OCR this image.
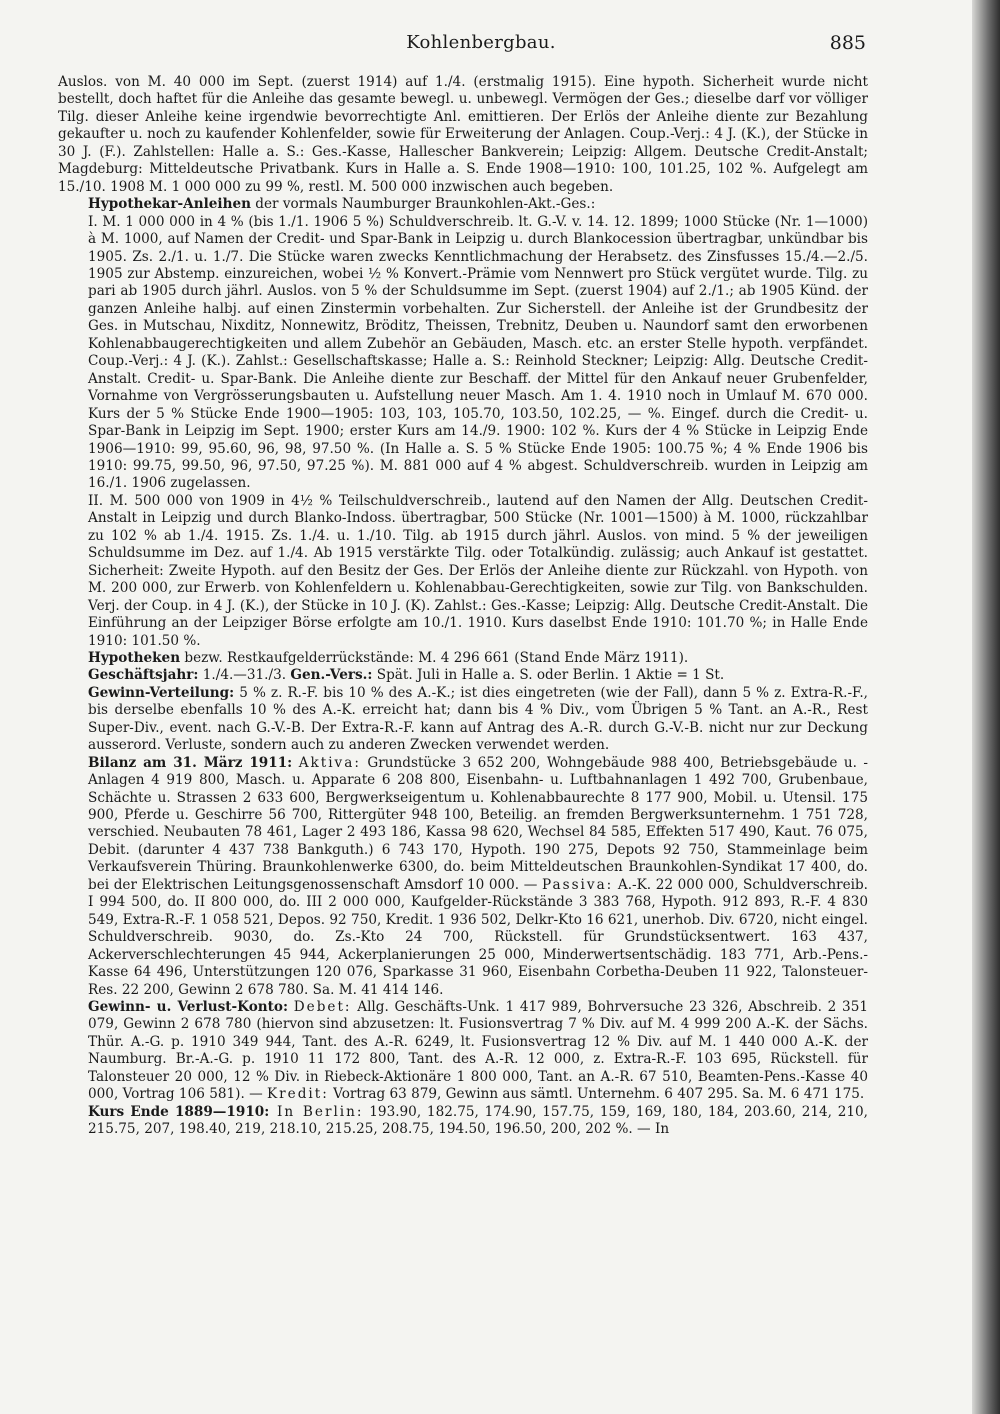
Kohlenbergbau.	885

Auslos. von M. 40 000 im Sept. (zuerst 1914) auf 1./4. (erstmalig 1915). Eine hypoth. Sicherheit wurde nicht bestellt, doch haftet für die Anleihe das gesamte bewegl. u. unbewegl. Vermögen der Ges.; dieselbe darf vor völliger Tilg. dieser Anleihe keine irgendwie bevorrechtigte Anl. emittieren. Der Erlös der Anleihe diente zur Bezahlung gekaufter u. noch zu kaufender Kohlenfelder, sowie für Erweiterung der Anlagen. Coup.-Verj.: 4 J. (K.), der Stücke in 30 J. (F.). Zahlstellen: Halle a. S.: Ges.-Kasse, Hallescher Bankverein; Leipzig: Allgem. Deutsche Credit-Anstalt; Magdeburg: Mitteldeutsche Privatbank. Kurs in Halle a. S. Ende 1908—1910: 100, 101.25, 102 %. Aufgelegt am 15./10. 1908 M. 1 000 000 zu 99 %, restl. M. 500 000 inzwischen auch begeben.

Hypothekar-Anleihen der vormals Naumburger Braunkohlen-Akt.-Ges.:

I. M. 1 000 000 in 4 % (bis 1./1. 1906 5 %) Schuldverschreib. lt. G.-V. v. 14. 12. 1899; 1000 Stücke (Nr. 1—1000) à M. 1000, auf Namen der Credit- und Spar-Bank in Leipzig u. durch Blankocession übertragbar, unkündbar bis 1905. Zs. 2./1. u. 1./7. Die Stücke waren zwecks Kenntlichmachung der Herabsetz. des Zinsfusses 15./4.—2./5. 1905 zur Abstemp. einzureichen, wobei ½ % Konvert.-Prämie vom Nennwert pro Stück vergütet wurde. Tilg. zu pari ab 1905 durch jährl. Auslos. von 5 % der Schuldsumme im Sept. (zuerst 1904) auf 2./1.; ab 1905 Künd. der ganzen Anleihe halbj. auf einen Zinstermin vorbehalten. Zur Sicherstell. der Anleihe ist der Grundbesitz der Ges. in Mutschau, Nixditz, Nonnewitz, Bröditz, Theissen, Trebnitz, Deuben u. Naundorf samt den erworbenen Kohlenabbaugerechtigkeiten und allem Zubehör an Gebäuden, Masch. etc. an erster Stelle hypoth. verpfändet. Coup.-Verj.: 4 J. (K.). Zahlst.: Gesellschaftskasse; Halle a. S.: Reinhold Steckner; Leipzig: Allg. Deutsche Credit-Anstalt. Credit- u. Spar-Bank. Die Anleihe diente zur Beschaff. der Mittel für den Ankauf neuer Grubenfelder, Vornahme von Vergrösserungsbauten u. Aufstellung neuer Masch. Am 1. 4. 1910 noch in Umlauf M. 670 000. Kurs der 5 % Stücke Ende 1900—1905: 103, 103, 105.70, 103.50, 102.25, — %. Eingef. durch die Credit- u. Spar-Bank in Leipzig im Sept. 1900; erster Kurs am 14./9. 1900: 102 %. Kurs der 4 % Stücke in Leipzig Ende 1906—1910: 99, 95.60, 96, 98, 97.50 %. (In Halle a. S. 5 % Stücke Ende 1905: 100.75 %; 4 % Ende 1906 bis 1910: 99.75, 99.50, 96, 97.50, 97.25 %). M. 881 000 auf 4 % abgest. Schuldverschreib. wurden in Leipzig am 16./1. 1906 zugelassen.

II. M. 500 000 von 1909 in 4½ % Teilschuldverschreib., lautend auf den Namen der Allg. Deutschen Credit-Anstalt in Leipzig und durch Blanko-Indoss. übertragbar, 500 Stücke (Nr. 1001—1500) à M. 1000, rückzahlbar zu 102 % ab 1./4. 1915. Zs. 1./4. u. 1./10. Tilg. ab 1915 durch jährl. Auslos. von mind. 5 % der jeweiligen Schuldsumme im Dez. auf 1./4. Ab 1915 verstärkte Tilg. oder Totalkündig. zulässig; auch Ankauf ist gestattet. Sicherheit: Zweite Hypoth. auf den Besitz der Ges. Der Erlös der Anleihe diente zur Rückzahl. von Hypoth. von M. 200 000, zur Erwerb. von Kohlenfeldern u. Kohlenabbau-Gerechtigkeiten, sowie zur Tilg. von Bankschulden. Verj. der Coup. in 4 J. (K.), der Stücke in 10 J. (K). Zahlst.: Ges.-Kasse; Leipzig: Allg. Deutsche Credit-Anstalt. Die Einführung an der Leipziger Börse erfolgte am 10./1. 1910. Kurs daselbst Ende 1910: 101.70 %; in Halle Ende 1910: 101.50 %.

Hypotheken bezw. Restkaufgelderrückstände: M. 4 296 661 (Stand Ende März 1911).

Geschäftsjahr: 1./4.—31./3. Gen.-Vers.: Spät. Juli in Halle a. S. oder Berlin. 1 Aktie = 1 St.

Gewinn-Verteilung: 5 % z. R.-F. bis 10 % des A.-K.; ist dies eingetreten (wie der Fall), dann 5 % z. Extra-R.-F., bis derselbe ebenfalls 10 % des A.-K. erreicht hat; dann bis 4 % Div., vom Übrigen 5 % Tant. an A.-R., Rest Super-Div., event. nach G.-V.-B. Der Extra-R.-F. kann auf Antrag des A.-R. durch G.-V.-B. nicht nur zur Deckung ausserord. Verluste, sondern auch zu anderen Zwecken verwendet werden.

Bilanz am 31. März 1911: Aktiva: Grundstücke 3 652 200, Wohngebäude 988 400, Betriebsgebäude u. -Anlagen 4 919 800, Masch. u. Apparate 6 208 800, Eisenbahn- u. Luftbahnanlagen 1 492 700, Grubenbaue, Schächte u. Strassen 2 633 600, Bergwerkseigentum u. Kohlenabbaurechte 8 177 900, Mobil. u. Utensil. 175 900, Pferde u. Geschirre 56 700, Rittergüter 948 100, Beteilig. an fremden Bergwerksunternehm. 1 751 728, verschied. Neubauten 78 461, Lager 2 493 186, Kassa 98 620, Wechsel 84 585, Effekten 517 490, Kaut. 76 075, Debit. (darunter 4 437 738 Bankguth.) 6 743 170, Hypoth. 190 275, Depots 92 750, Stammeinlage beim Verkaufsverein Thüring. Braunkohlenwerke 6300, do. beim Mitteldeutschen Braunkohlen-Syndikat 17 400, do. bei der Elektrischen Leitungsgenossenschaft Amsdorf 10 000. — Passiva: A.-K. 22 000 000, Schuldverschreib. I 994 500, do. II 800 000, do. III 2 000 000, Kaufgelder-Rückstände 3 383 768, Hypoth. 912 893, R.-F. 4 830 549, Extra-R.-F. 1 058 521, Depos. 92 750, Kredit. 1 936 502, Delkr-Kto 16 621, unerhob. Div. 6720, nicht eingel. Schuldverschreib. 9030, do. Zs.-Kto 24 700, Rückstell. für Grundstücksentwert. 163 437, Ackerverschlechterungen 45 944, Ackerplanierungen 25 000, Minderwertsentschädig. 183 771, Arb.-Pens.-Kasse 64 496, Unterstützungen 120 076, Sparkasse 31 960, Eisenbahn Corbetha-Deuben 11 922, Talonsteuer-Res. 22 200, Gewinn 2 678 780. Sa. M. 41 414 146.

Gewinn- u. Verlust-Konto: Debet: Allg. Geschäfts-Unk. 1 417 989, Bohrversuche 23 326, Abschreib. 2 351 079, Gewinn 2 678 780 (hiervon sind abzusetzen: lt. Fusionsvertrag 7 % Div. auf M. 4 999 200 A.-K. der Sächs. Thür. A.-G. p. 1910 349 944, Tant. des A.-R. 6249, lt. Fusionsvertrag 12 % Div. auf M. 1 440 000 A.-K. der Naumburg. Br.-A.-G. p. 1910 11 172 800, Tant. des A.-R. 12 000, z. Extra-R.-F. 103 695, Rückstell. für Talonsteuer 20 000, 12 % Div. in Riebeck-Aktionäre 1 800 000, Tant. an A.-R. 67 510, Beamten-Pens.-Kasse 40 000, Vortrag 106 581). — Kredit: Vortrag 63 879, Gewinn aus sämtl. Unternehm. 6 407 295. Sa. M. 6 471 175.

Kurs Ende 1889—1910: In Berlin: 193.90, 182.75, 174.90, 157.75, 159, 169, 180, 184, 203.60, 214, 210, 215.75, 207, 198.40, 219, 218.10, 215.25, 208.75, 194.50, 196.50, 200, 202 %. — In
